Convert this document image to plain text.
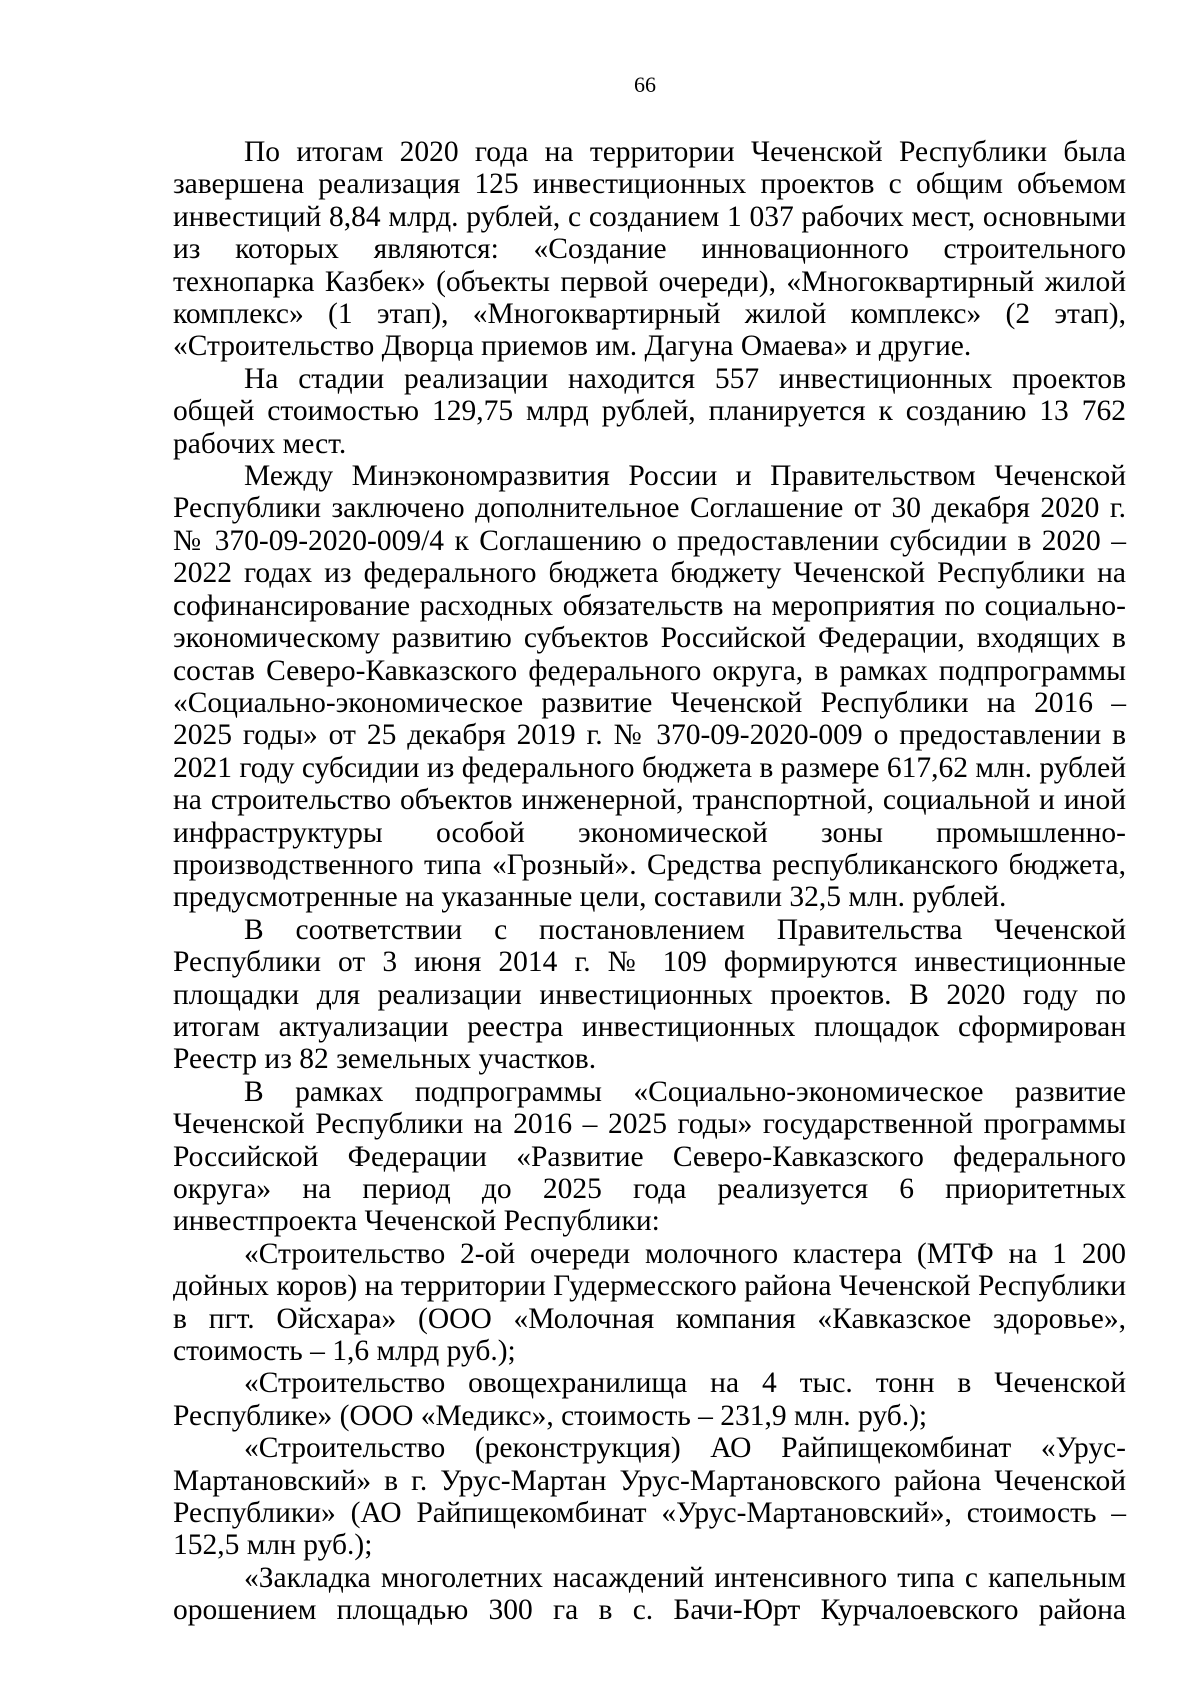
66

По итогам 2020 года на территории Чеченской Республики была завершена реализация 125 инвестиционных проектов с общим объемом инвестиций 8,84 млрд. рублей, с созданием 1 037 рабочих мест, основными из которых являются: «Создание инновационного строительного технопарка Казбек» (объекты первой очереди), «Многоквартирный жилой комплекс» (1 этап), «Многоквартирный жилой комплекс» (2 этап), «Строительство Дворца приемов им. Дагуна Омаева» и другие.

На стадии реализации находится 557 инвестиционных проектов общей стоимостью 129,75 млрд рублей, планируется к созданию 13 762 рабочих мест.

Между Минэкономразвития России и Правительством Чеченской Республики заключено дополнительное Соглашение от 30 декабря 2020 г. № 370-09-2020-009/4 к Соглашению о предоставлении субсидии в 2020 – 2022 годах из федерального бюджета бюджету Чеченской Республики на софинансирование расходных обязательств на мероприятия по социально-экономическому развитию субъектов Российской Федерации, входящих в состав Северо-Кавказского федерального округа, в рамках подпрограммы «Социально-экономическое развитие Чеченской Республики на 2016 – 2025 годы» от 25 декабря 2019 г. № 370-09-2020-009 о предоставлении в 2021 году субсидии из федерального бюджета в размере 617,62 млн. рублей на строительство объектов инженерной, транспортной, социальной и иной инфраструктуры особой экономической зоны промышленно-производственного типа «Грозный». Средства республиканского бюджета, предусмотренные на указанные цели, составили 32,5 млн. рублей.

В соответствии с постановлением Правительства Чеченской Республики от 3 июня 2014 г. № 109 формируются инвестиционные площадки для реализации инвестиционных проектов. В 2020 году по итогам актуализации реестра инвестиционных площадок сформирован Реестр из 82 земельных участков.

В рамках подпрограммы «Социально-экономическое развитие Чеченской Республики на 2016 – 2025 годы» государственной программы Российской Федерации «Развитие Северо-Кавказского федерального округа» на период до 2025 года реализуется 6 приоритетных инвестпроекта Чеченской Республики:

«Строительство 2-ой очереди молочного кластера (МТФ на 1 200 дойных коров) на территории Гудермесского района Чеченской Республики в пгт. Ойсхара» (ООО «Молочная компания «Кавказское здоровье», стоимость – 1,6 млрд руб.);

«Строительство овощехранилища на 4 тыс. тонн в Чеченской Республике» (ООО «Медикс», стоимость – 231,9 млн. руб.);

«Строительство (реконструкция) АО Райпищекомбинат «Урус-Мартановский» в г. Урус-Мартан Урус-Мартановского района Чеченской Республики» (АО Райпищекомбинат «Урус-Мартановский», стоимость – 152,5 млн руб.);

«Закладка многолетних насаждений интенсивного типа с капельным орошением площадью 300 га в с. Бачи-Юрт Курчалоевского района
